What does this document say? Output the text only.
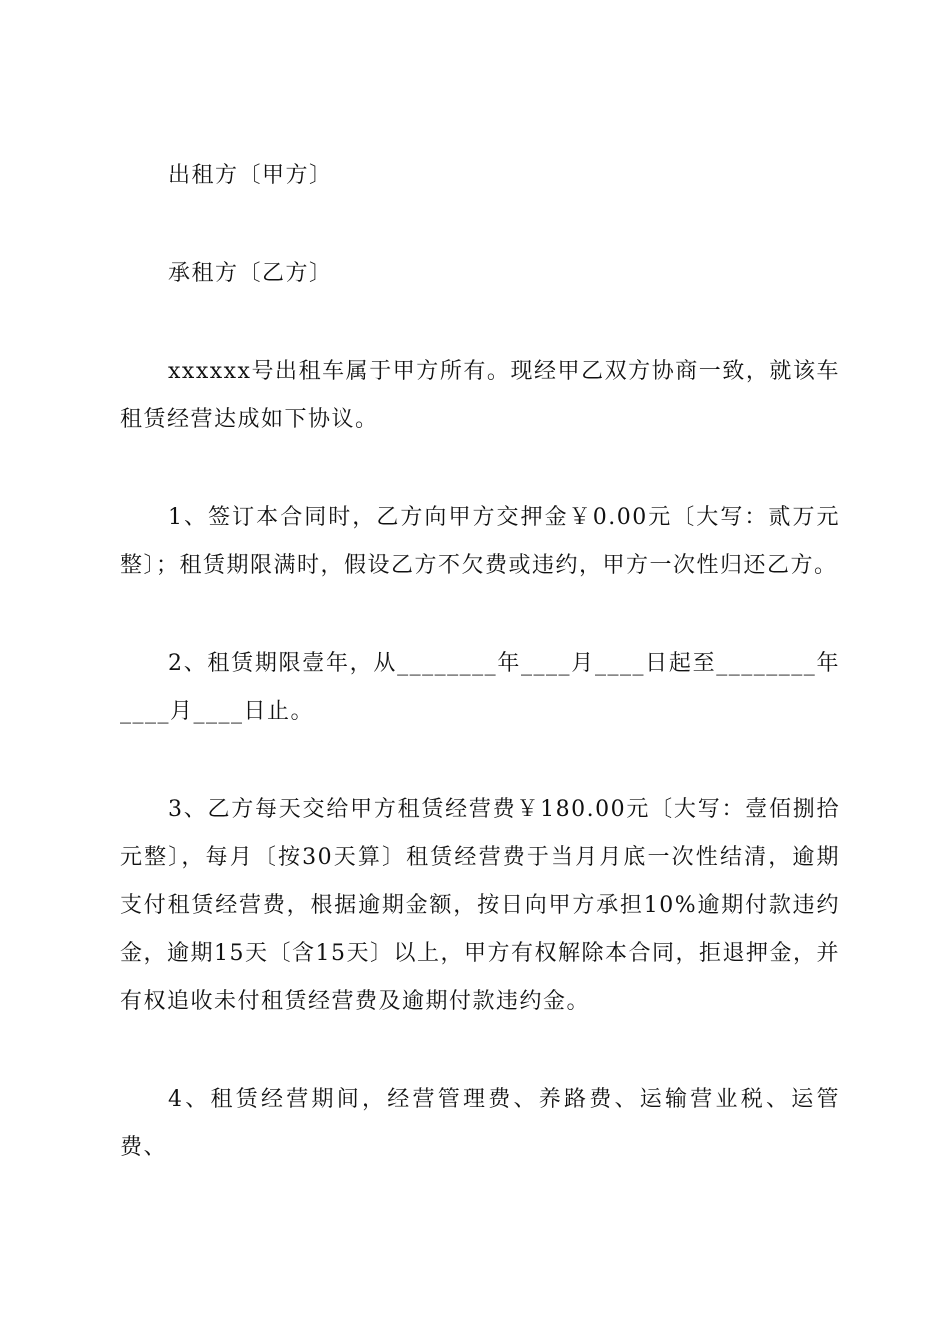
出租方〔甲方〕

承租方〔乙方〕

xxxxxx号出租车属于甲方所有。现经甲乙双方协商一致，就该车租赁经营达成如下协议。

1、签订本合同时，乙方向甲方交押金￥0.00元〔大写：贰万元整〕；租赁期限满时，假设乙方不欠费或违约，甲方一次性归还乙方。

2、租赁期限壹年，从________年____月____日起至________年____月____日止。

3、乙方每天交给甲方租赁经营费￥180.00元〔大写：壹佰捌拾元整〕，每月〔按30天算〕租赁经营费于当月月底一次性结清，逾期支付租赁经营费，根据逾期金额，按日向甲方承担10%逾期付款违约金，逾期15天〔含15天〕以上，甲方有权解除本合同，拒退押金，并有权追收未付租赁经营费及逾期付款违约金。

4、租赁经营期间，经营管理费、养路费、运输营业税、运管费、
